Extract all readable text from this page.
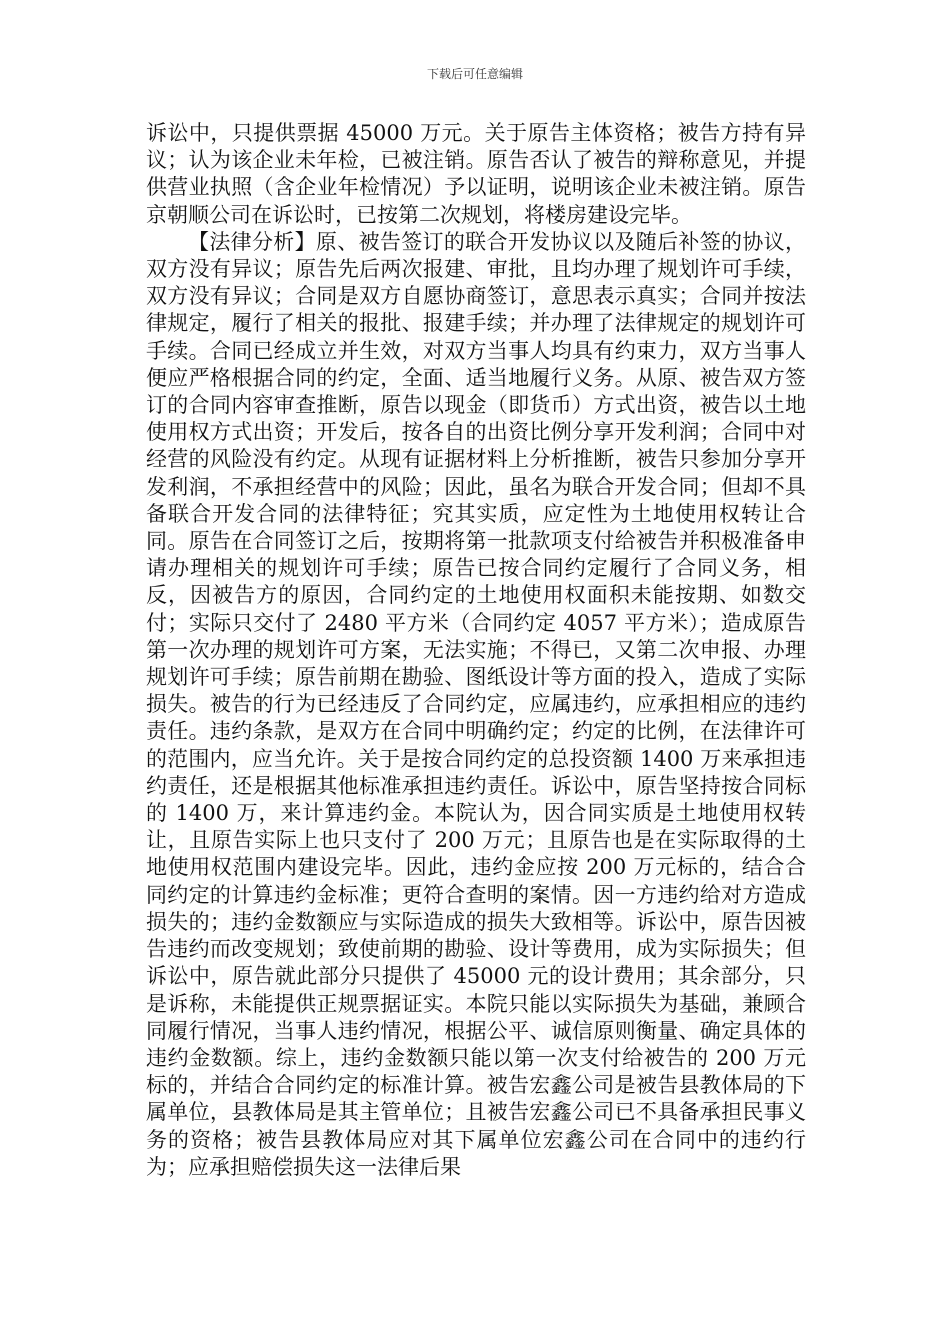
下载后可任意编辑

诉讼中，只提供票据 45000 万元。关于原告主体资格；被告方持有异议；认为该企业未年检，已被注销。原告否认了被告的辩称意见，并提供营业执照（含企业年检情况）予以证明，说明该企业未被注销。原告京朝顺公司在诉讼时，已按第二次规划，将楼房建设完毕。

【法律分析】原、被告签订的联合开发协议以及随后补签的协议，双方没有异议；原告先后两次报建、审批，且均办理了规划许可手续，双方没有异议；合同是双方自愿协商签订，意思表示真实；合同并按法律规定，履行了相关的报批、报建手续；并办理了法律规定的规划许可手续。合同已经成立并生效，对双方当事人均具有约束力，双方当事人便应严格根据合同的约定，全面、适当地履行义务。从原、被告双方签订的合同内容审查推断，原告以现金（即货币）方式出资，被告以土地使用权方式出资；开发后，按各自的出资比例分享开发利润；合同中对经营的风险没有约定。从现有证据材料上分析推断，被告只参加分享开发利润，不承担经营中的风险；因此，虽名为联合开发合同；但却不具备联合开发合同的法律特征；究其实质，应定性为土地使用权转让合同。原告在合同签订之后，按期将第一批款项支付给被告并积极准备申请办理相关的规划许可手续；原告已按合同约定履行了合同义务，相反，因被告方的原因，合同约定的土地使用权面积未能按期、如数交付；实际只交付了 2480 平方米（合同约定 4057 平方米）；造成原告第一次办理的规划许可方案，无法实施；不得已，又第二次申报、办理规划许可手续；原告前期在勘验、图纸设计等方面的投入，造成了实际损失。被告的行为已经违反了合同约定，应属违约，应承担相应的违约责任。违约条款，是双方在合同中明确约定；约定的比例，在法律许可的范围内，应当允许。关于是按合同约定的总投资额 1400 万来承担违约责任，还是根据其他标准承担违约责任。诉讼中，原告坚持按合同标的 1400 万，来计算违约金。本院认为，因合同实质是土地使用权转让，且原告实际上也只支付了 200 万元；且原告也是在实际取得的土地使用权范围内建设完毕。因此，违约金应按 200 万元标的，结合合同约定的计算违约金标准；更符合查明的案情。因一方违约给对方造成损失的；违约金数额应与实际造成的损失大致相等。诉讼中，原告因被告违约而改变规划；致使前期的勘验、设计等费用，成为实际损失；但诉讼中，原告就此部分只提供了 45000 元的设计费用；其余部分，只是诉称，未能提供正规票据证实。本院只能以实际损失为基础，兼顾合同履行情况，当事人违约情况，根据公平、诚信原则衡量、确定具体的违约金数额。综上，违约金数额只能以第一次支付给被告的 200 万元标的，并结合合同约定的标准计算。被告宏鑫公司是被告县教体局的下属单位，县教体局是其主管单位；且被告宏鑫公司已不具备承担民事义务的资格；被告县教体局应对其下属单位宏鑫公司在合同中的违约行为；应承担赔偿损失这一法律后果
